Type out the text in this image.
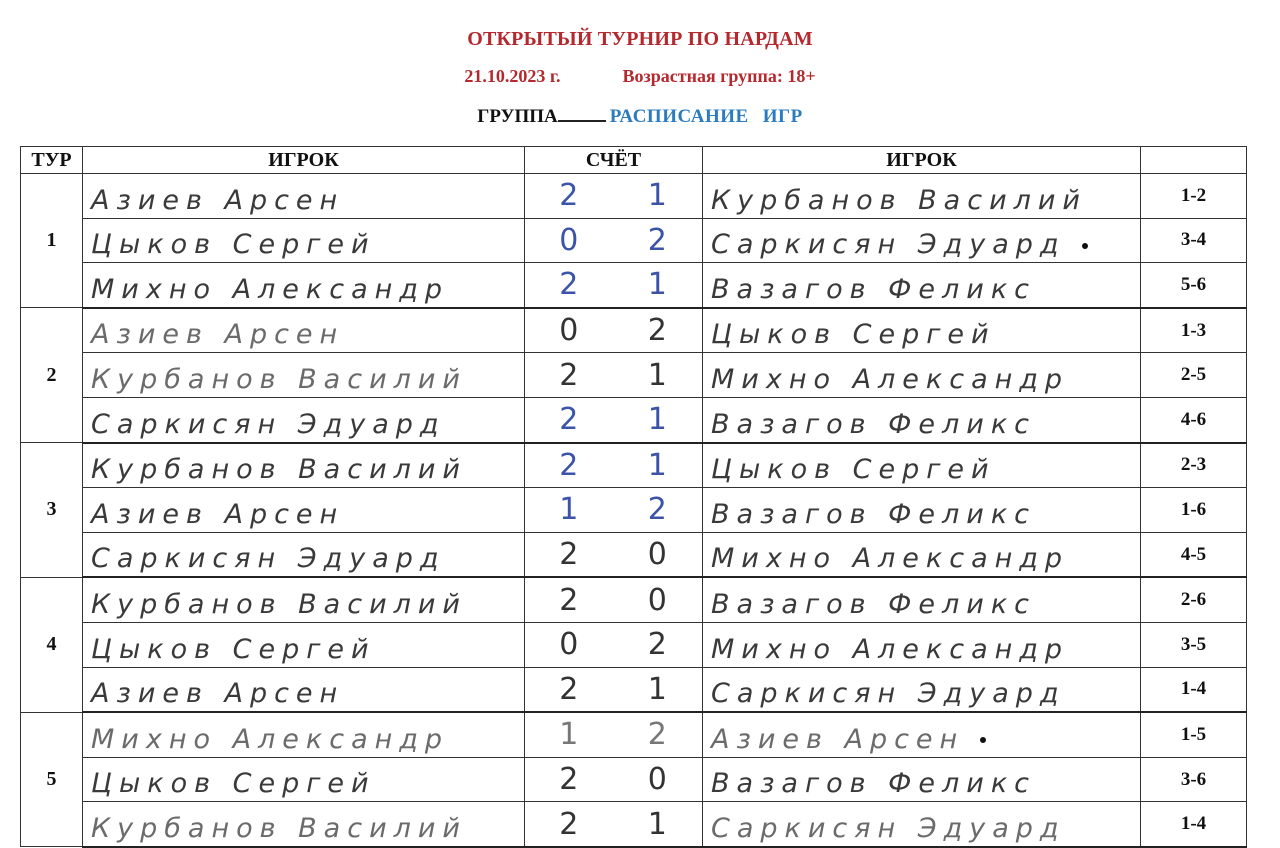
ОТКРЫТЫЙ ТУРНИР ПО НАРДАМ
21.10.2023 г.	Возрастная группа: 18+
ГРУППА	РАСПИСАНИЕ ИГР
ТУР	ИГРОК	СЧЁТ		ИГРОК	
1	Азиев Арсен	2	1	Курбанов Василий	1-2
	Цыков Сергей	0	2	Саркисян Эдуард	3-4
	Михно Александр	2	1	Вазагов Феликс	5-6
2	Азиев Арсен	0	2	Цыков Сергей	1-3
	Курбанов Василий	2	1	Михно Александр	2-5
	Саркисян Эдуард	2	1	Вазагов Феликс	4-6
3	Курбанов Василий	2	1	Цыков Сергей	2-3
	Азиев Арсен	1	2	Вазагов Феликс	1-6
	Саркисян Эдуард	2	0	Михно Александр	4-5
4	Курбанов Василий	2	0	Вазагов Феликс	2-6
	Цыков Сергей	0	2	Михно Александр	3-5
	Азиев Арсен	2	1	Саркисян Эдуард	1-4
5	Михно Александр	1	2	Азиев Арсен	1-5
	Цыков Сергей	2	0	Вазагов Феликс	3-6
	Курбанов Василий	2	1	Саркисян Эдуард	1-4
